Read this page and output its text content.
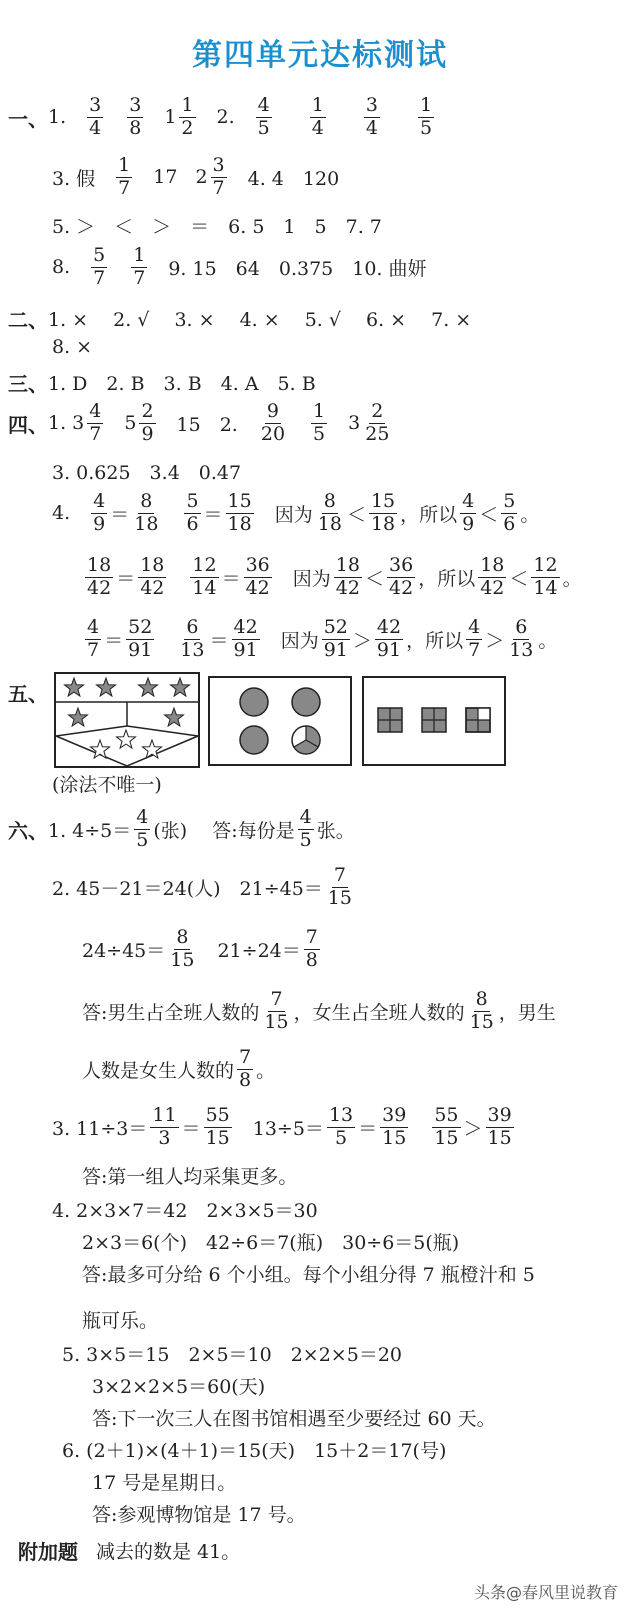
第四单元达标测试
一、 1. $\frac{3}{4} \frac{3}{8} 1 \frac{1}{2} 2$. $\frac{4}{5} \frac{1}{4} \frac{3}{4} \frac{1}{5}$
3. 假 $\frac{1}{7} 17$ $2 \frac{3}{7} 4$. 4　120
5. ＞　＜　＞　＝　6. 5　1　5　7. 7
8. $\frac{5}{7} \frac{1}{7} 9$. 15　64　0.375　10. 曲妍
二、 1. ×　 2. √　 3. ×　 4. ×　 5. √　 6. ×　 7. ×
8. ×
三、 1. D　2. B　3. B　4. A　5. B
四、 1. $3 \frac{4}{7} 5 \frac{2}{9} 15$　2. $\frac{9}{20} \frac{1}{5} 3 \frac{2}{25}$
3. 0.625　3.4　0.47
4. $\frac{4}{9} = \frac{8}{18} \frac{5}{6} = \frac{15}{18}$ 因为 $\frac{8}{18} < \frac{15}{18}$ ，所以 $\frac{4}{9} < \frac{5}{6}$ 。
$\frac{18}{42} = \frac{18}{42} \frac{12}{14} = \frac{36}{42}$ 因为 $\frac{18}{42} < \frac{36}{42}$ ，所以 $\frac{18}{42} < \frac{12}{14}$ 。
$\frac{4}{7} = \frac{52}{91} \frac{6}{13} = \frac{42}{91}$ 因为 $\frac{52}{91} > \frac{42}{91}$ ，所以 $\frac{4}{7} > \frac{6}{13}$ 。
五、
(涂法不唯一)
六、 1. $4\div 5= \frac{4}{5}$ (张)　 答:每份是 $\frac{4}{5}$ 张。
2. 45－21＝24(人)　$21\div 45= \frac{7}{15}$
$24\div 45= \frac{8}{15} 21\div 24= \frac{7}{8}$
答:男生占全班人数的 $\frac{7}{15}$ ，女生占全班人数的 $\frac{8}{15}$ ，男生
人数是女生人数的 $\frac{7}{8}$ 。
3. $11\div 3= \frac{11}{3} = \frac{55}{15} 13\div 5= \frac{13}{5} = \frac{39}{15} \frac{55}{15} > \frac{39}{15}$
答:第一组人均采集更多。
4. 2×3×7＝42　2×3×5＝30
2×3＝6(个)　42÷6＝7(瓶)　30÷6＝5(瓶)
答:最多可分给 6 个小组。每个小组分得 7 瓶橙汁和 5
瓶可乐。
5. 3×5＝15　2×5＝10　2×2×5＝20
3×2×2×5＝60(天)
答:下一次三人在图书馆相遇至少要经过 60 天。
6. (2＋1)×(4＋1)＝15(天)　15＋2＝17(号)
17 号是星期日。
答:参观博物馆是 17 号。
附加题 减去的数是 41。
头条@春风里说教育
